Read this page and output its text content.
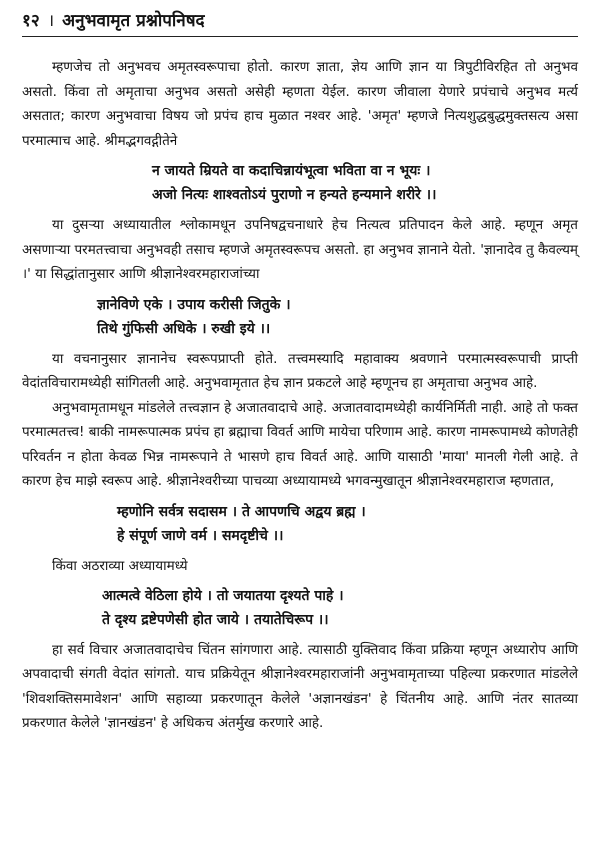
१२ । अनुभवामृत प्रश्नोपनिषद

म्हणजेच तो अनुभवच अमृतस्वरूपाचा होतो. कारण ज्ञाता, ज्ञेय आणि ज्ञान या त्रिपुटीविरहित तो अनुभव असतो. किंवा तो अमृताचा अनुभव असतो असेही म्हणता येईल. कारण जीवाला येणारे प्रपंचाचे अनुभव मर्त्य असतात; कारण अनुभवाचा विषय जो प्रपंच हाच मुळात नश्वर आहे. 'अमृत' म्हणजे नित्यशुद्धबुद्धमुक्तसत्य असा परमात्माच आहे. श्रीमद्भगवद्गीतेने

न जायते म्रियते वा कदाचिन्नायंभूत्वा भविता वा न भूयः ।
अजो नित्यः शाश्वतोऽयं पुराणो न हन्यते हन्यमाने शरीरे ।।

या दुसऱ्या अध्यायातील श्लोकामधून उपनिषद्वचनाधारे हेच नित्यत्व प्रतिपादन केले आहे. म्हणून अमृत असणाऱ्या परमतत्त्वाचा अनुभवही तसाच म्हणजे अमृतस्वरूपच असतो. हा अनुभव ज्ञानाने येतो. 'ज्ञानादेव तु कैवल्यम् ।' या सिद्धांतानुसार आणि श्रीज्ञानेश्वरमहाराजांच्या

ज्ञानेविणे एके । उपाय करीसी जितुके ।
तिथे गुंफिसी अधिके । रुखी इये ।।

या वचनानुसार ज्ञानानेच स्वरूपप्राप्ती होते. तत्त्वमस्यादि महावाक्य श्रवणाने परमात्मस्वरूपाची प्राप्ती वेदांतविचारामध्येही सांगितली आहे. अनुभवामृतात हेच ज्ञान प्रकटले आहे म्हणूनच हा अमृताचा अनुभव आहे.

अनुभवामृतामधून मांडलेले तत्त्वज्ञान हे अजातवादाचे आहे. अजातवादामध्येही कार्यनिर्मिती नाही. आहे तो फक्त परमात्मतत्त्व! बाकी नामरूपात्मक प्रपंच हा ब्रह्माचा विवर्त आणि मायेचा परिणाम आहे. कारण नामरूपामध्ये कोणतेही परिवर्तन न होता केवळ भिन्न नामरूपाने ते भासणे हाच विवर्त आहे. आणि यासाठी 'माया' मानली गेली आहे. ते कारण हेच माझे स्वरूप आहे. श्रीज्ञानेश्वरीच्या पाचव्या अध्यायामध्ये भगवन्मुखातून श्रीज्ञानेश्वरमहाराज म्हणतात,

म्हणोनि सर्वत्र सदासम । ते आपणचि अद्वय ब्रह्म ।
हे संपूर्ण जाणे वर्म । समदृष्टीचे ।।

किंवा अठराव्या अध्यायामध्ये

आत्मत्वे वेठिला होये । तो जयातया दृश्यते पाहे ।
ते दृश्य द्रष्टेपणेसी होत जाये । तयातेचिरूप ।।

हा सर्व विचार अजातवादाचेच चिंतन सांगणारा आहे. त्यासाठी युक्तिवाद किंवा प्रक्रिया म्हणून अध्यारोप आणि अपवादाची संगती वेदांत सांगतो. याच प्रक्रियेतून श्रीज्ञानेश्वरमहाराजांनी अनुभवामृताच्या पहिल्या प्रकरणात मांडलेले 'शिवशक्तिसमावेशन' आणि सहाव्या प्रकरणातून केलेले 'अज्ञानखंडन' हे चिंतनीय आहे. आणि नंतर सातव्या प्रकरणात केलेले 'ज्ञानखंडन' हे अधिकच अंतर्मुख करणारे आहे.
